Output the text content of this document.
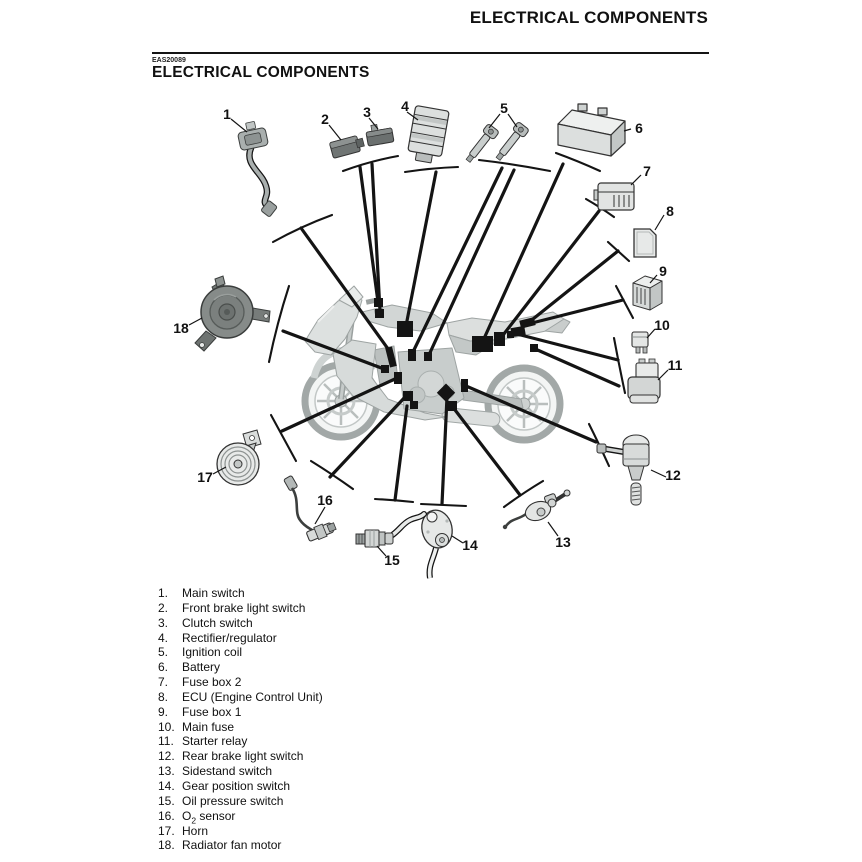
ELECTRICAL COMPONENTS
EAS20089
ELECTRICAL COMPONENTS
1	2 3 4	5
6
7
8
9
10
11
12
13
14
15
16
17
18
1.	Main switch
2.	Front brake light switch
3.	Clutch switch
4.	Rectifier/regulator
5.	Ignition coil
6.	Battery
7.	Fuse box 2
8.	ECU (Engine Control Unit)
9.	Fuse box 1
10. Main fuse
11. Starter relay
12. Rear brake light switch
13. Sidestand switch
14. Gear position switch
15. Oil pressure switch
16. $O_2$ sensor
17. Horn
18. Radiator fan motor
